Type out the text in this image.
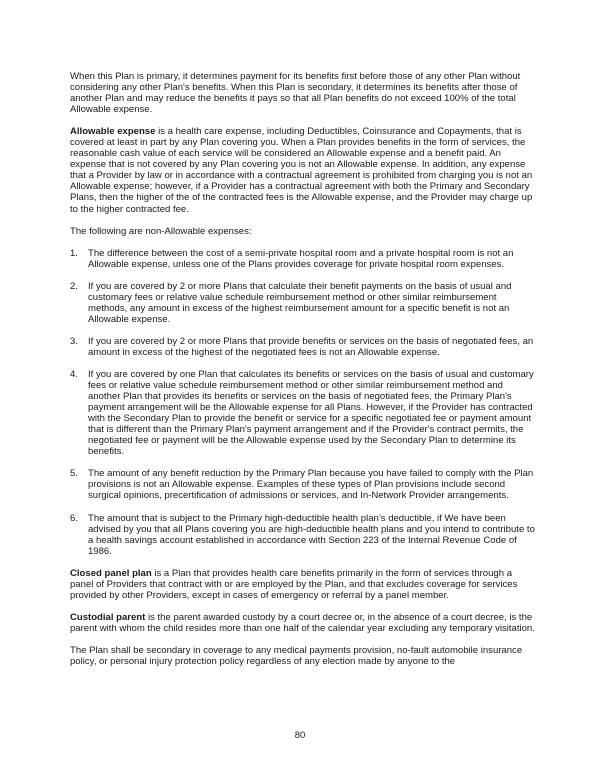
When this Plan is primary, it determines payment for its benefits first before those of any other Plan without considering any other Plan's benefits. When this Plan is secondary, it determines its benefits after those of another Plan and may reduce the benefits it pays so that all Plan benefits do not exceed 100% of the total Allowable expense.

Allowable expense is a health care expense, including Deductibles, Coinsurance and Copayments, that is covered at least in part by any Plan covering you. When a Plan provides benefits in the form of services, the reasonable cash value of each service will be considered an Allowable expense and a benefit paid. An expense that is not covered by any Plan covering you is not an Allowable expense. In addition, any expense that a Provider by law or in accordance with a contractual agreement is prohibited from charging you is not an Allowable expense; however, if a Provider has a contractual agreement with both the Primary and Secondary Plans, then the higher of the of the contracted fees is the Allowable expense, and the Provider may charge up to the higher contracted fee.

The following are non-Allowable expenses:

1. The difference between the cost of a semi-private hospital room and a private hospital room is not an Allowable expense, unless one of the Plans provides coverage for private hospital room expenses.
2. If you are covered by 2 or more Plans that calculate their benefit payments on the basis of usual and customary fees or relative value schedule reimbursement method or other similar reimbursement methods, any amount in excess of the highest reimbursement amount for a specific benefit is not an Allowable expense.
3. If you are covered by 2 or more Plans that provide benefits or services on the basis of negotiated fees, an amount in excess of the highest of the negotiated fees is not an Allowable expense.
4. If you are covered by one Plan that calculates its benefits or services on the basis of usual and customary fees or relative value schedule reimbursement method or other similar reimbursement method and another Plan that provides its benefits or services on the basis of negotiated fees, the Primary Plan's payment arrangement will be the Allowable expense for all Plans. However, if the Provider has contracted with the Secondary Plan to provide the benefit or service for a specific negotiated fee or payment amount that is different than the Primary Plan's payment arrangement and if the Provider's contract permits, the negotiated fee or payment will be the Allowable expense used by the Secondary Plan to determine its benefits.
5. The amount of any benefit reduction by the Primary Plan because you have failed to comply with the Plan provisions is not an Allowable expense. Examples of these types of Plan provisions include second surgical opinions, precertification of admissions or services, and In-Network Provider arrangements.
6. The amount that is subject to the Primary high-deductible health plan’s deductible, if We have been advised by you that all Plans covering you are high-deductible health plans and you intend to contribute to a health savings account established in accordance with Section 223 of the Internal Revenue Code of 1986.

Closed panel plan is a Plan that provides health care benefits primarily in the form of services through a panel of Providers that contract with or are employed by the Plan, and that excludes coverage for services provided by other Providers, except in cases of emergency or referral by a panel member.

Custodial parent is the parent awarded custody by a court decree or, in the absence of a court decree, is the parent with whom the child resides more than one half of the calendar year excluding any temporary visitation.

The Plan shall be secondary in coverage to any medical payments provision, no-fault automobile insurance policy, or personal injury protection policy regardless of any election made by anyone to the

80
